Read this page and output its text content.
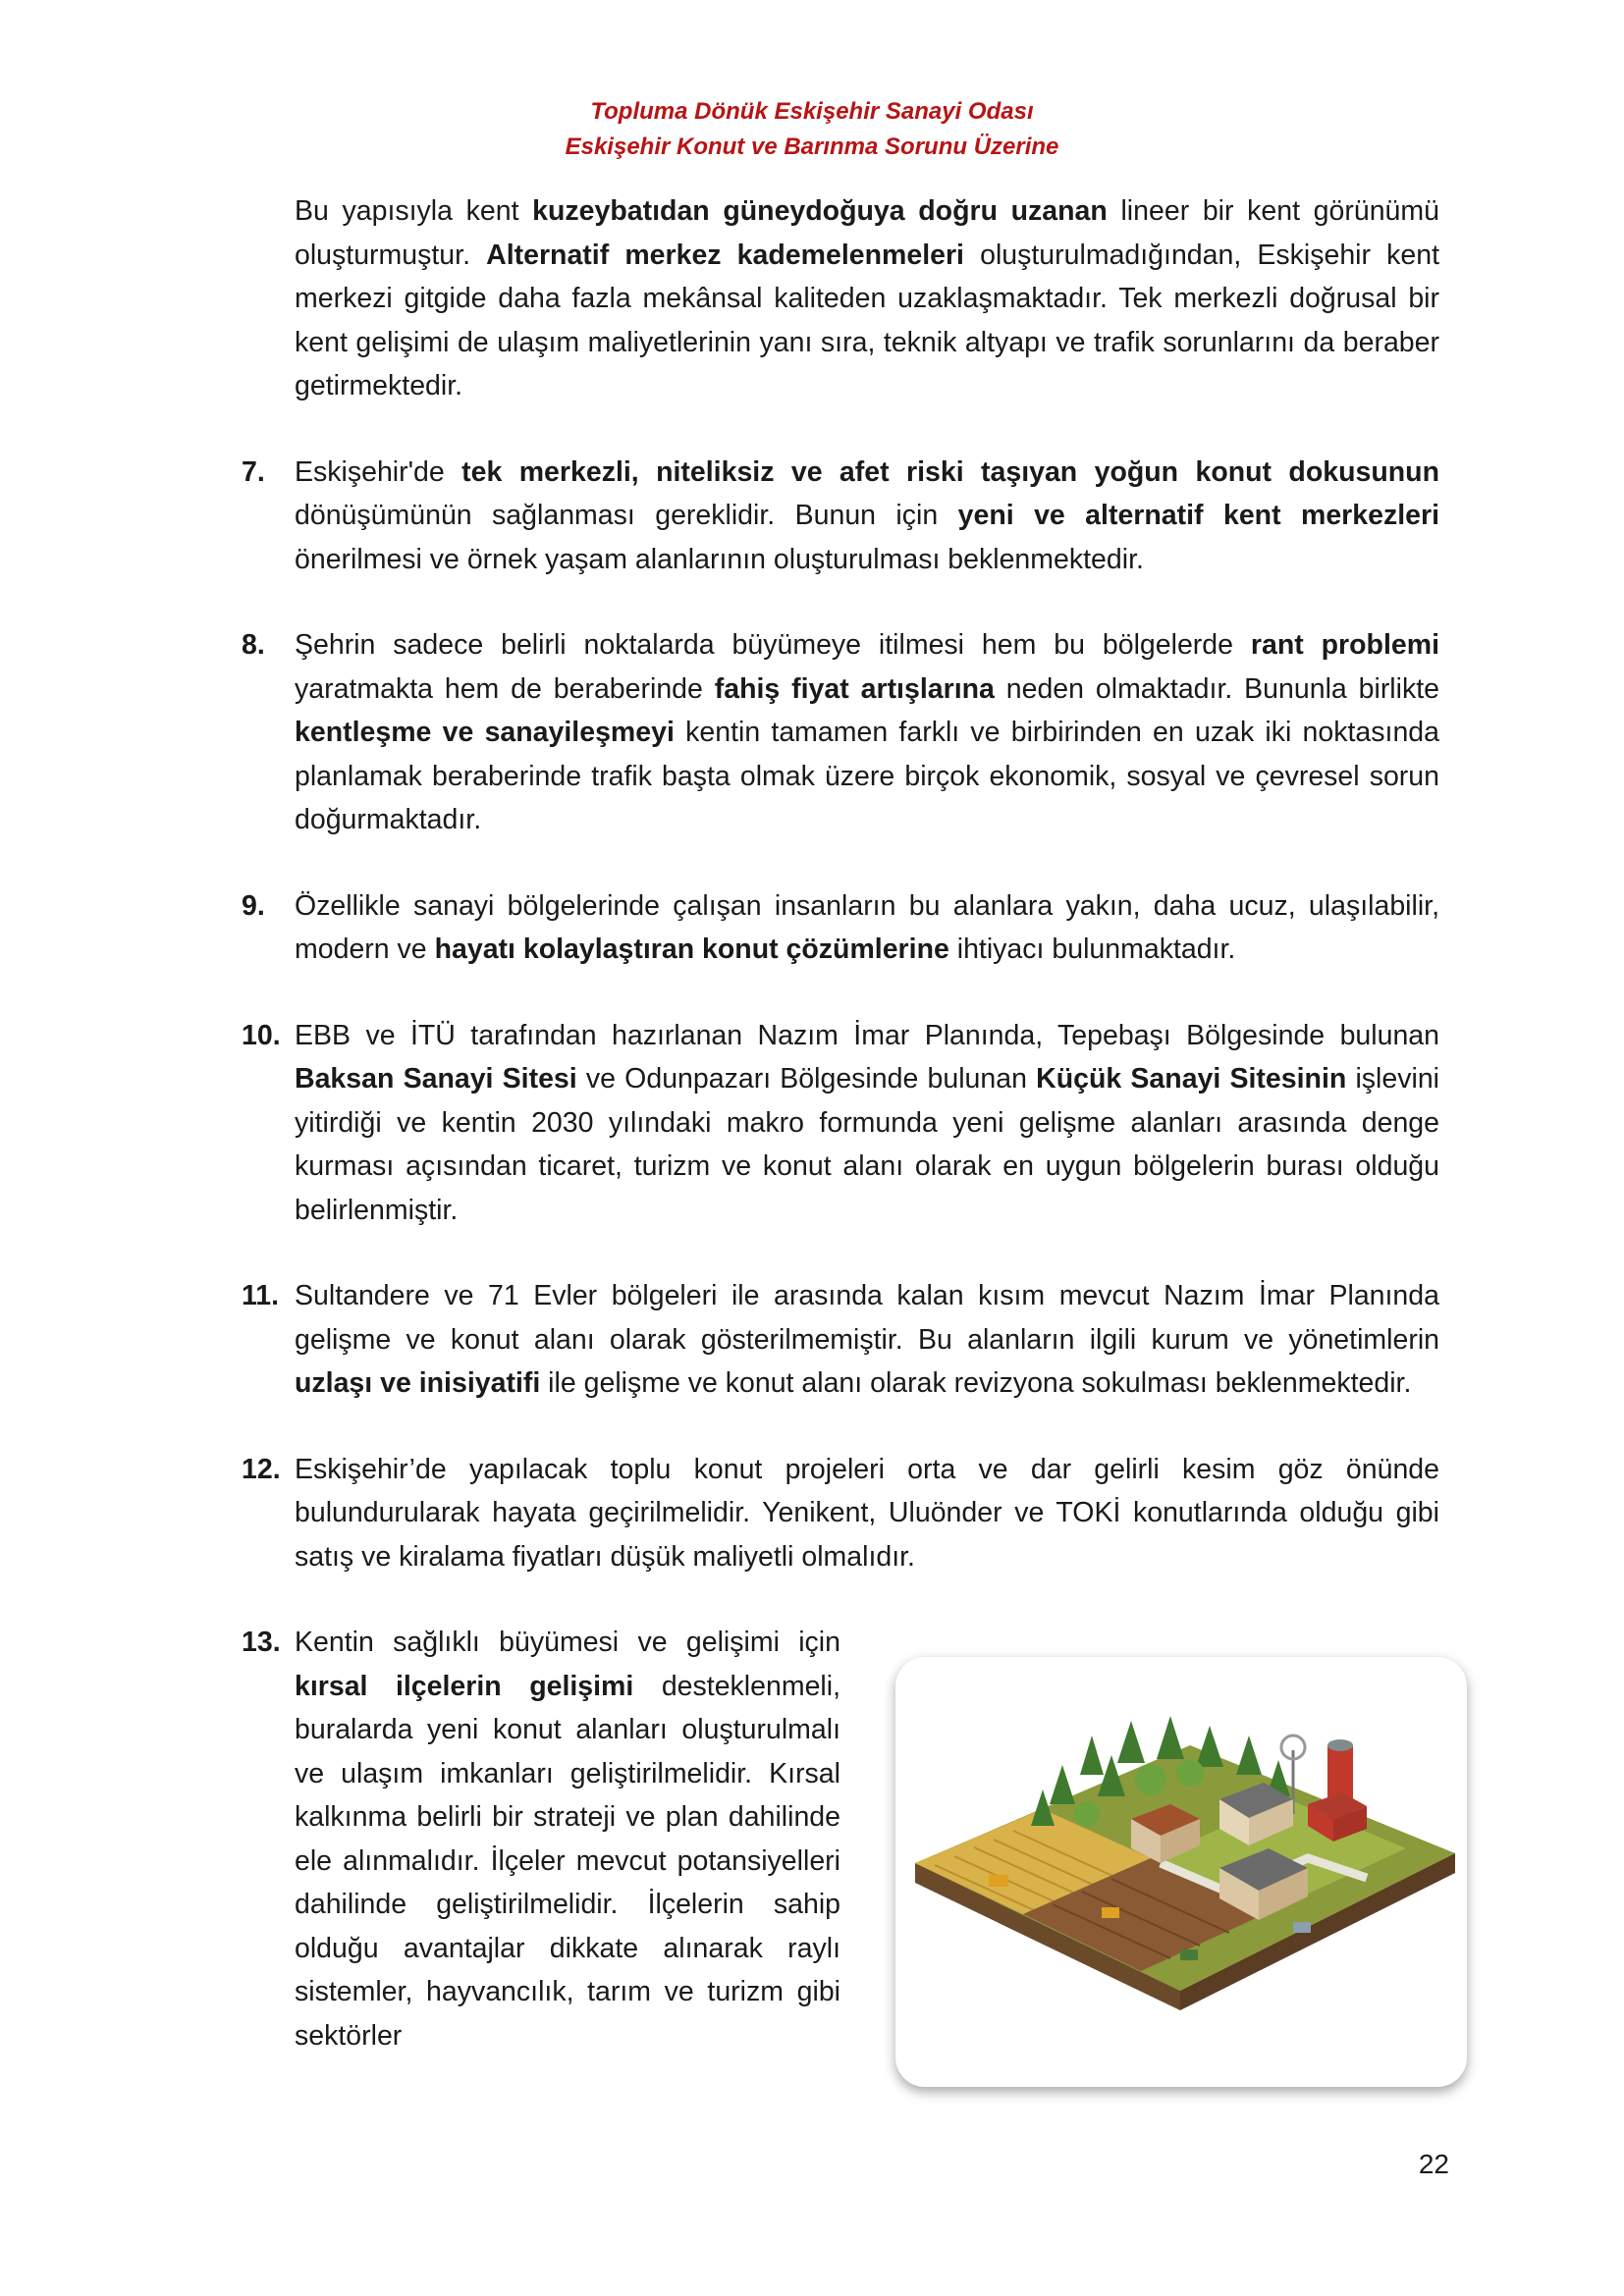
Topluma Dönük Eskişehir Sanayi Odası
Eskişehir Konut ve Barınma Sorunu Üzerine

Bu yapısıyla kent kuzeybatıdan güneydoğuya doğru uzanan lineer bir kent görünümü oluşturmuştur. Alternatif merkez kademelenmeleri oluşturulmadığından, Eskişehir kent merkezi gitgide daha fazla mekânsal kaliteden uzaklaşmaktadır. Tek merkezli doğrusal bir kent gelişimi de ulaşım maliyetlerinin yanı sıra, teknik altyapı ve trafik sorunlarını da beraber getirmektedir.

7. Eskişehir'de tek merkezli, niteliksiz ve afet riski taşıyan yoğun konut dokusunun dönüşümünün sağlanması gereklidir. Bunun için yeni ve alternatif kent merkezleri önerilmesi ve örnek yaşam alanlarının oluşturulması beklenmektedir.

8. Şehrin sadece belirli noktalarda büyümeye itilmesi hem bu bölgelerde rant problemi yaratmakta hem de beraberinde fahiş fiyat artışlarına neden olmaktadır. Bununla birlikte kentleşme ve sanayileşmeyi kentin tamamen farklı ve birbirinden en uzak iki noktasında planlamak beraberinde trafik başta olmak üzere birçok ekonomik, sosyal ve çevresel sorun doğurmaktadır.

9. Özellikle sanayi bölgelerinde çalışan insanların bu alanlara yakın, daha ucuz, ulaşılabilir, modern ve hayatı kolaylaştıran konut çözümlerine ihtiyacı bulunmaktadır.

10. EBB ve İTÜ tarafından hazırlanan Nazım İmar Planında, Tepebaşı Bölgesinde bulunan Baksan Sanayi Sitesi ve Odunpazarı Bölgesinde bulunan Küçük Sanayi Sitesinin işlevini yitirdiği ve kentin 2030 yılındaki makro formunda yeni gelişme alanları arasında denge kurması açısından ticaret, turizm ve konut alanı olarak en uygun bölgelerin burası olduğu belirlenmiştir.

11. Sultandere ve 71 Evler bölgeleri ile arasında kalan kısım mevcut Nazım İmar Planında gelişme ve konut alanı olarak gösterilmemiştir. Bu alanların ilgili kurum ve yönetimlerin uzlaşı ve inisiyatifi ile gelişme ve konut alanı olarak revizyona sokulması beklenmektedir.

12. Eskişehir’de yapılacak toplu konut projeleri orta ve dar gelirli kesim göz önünde bulundurularak hayata geçirilmelidir. Yenikent, Uluönder ve TOKİ konutlarında olduğu gibi satış ve kiralama fiyatları düşük maliyetli olmalıdır.

13. Kentin sağlıklı büyümesi ve gelişimi için kırsal ilçelerin gelişimi desteklenmeli, buralarda yeni konut alanları oluşturulmalı ve ulaşım imkanları geliştirilmelidir. Kırsal kalkınma belirli bir strateji ve plan dahilinde ele alınmalıdır. İlçeler mevcut potansiyelleri dahilinde geliştirilmelidir. İlçelerin sahip olduğu avantajlar dikkate alınarak raylı sistemler, hayvancılık, tarım ve turizm gibi sektörler

22
